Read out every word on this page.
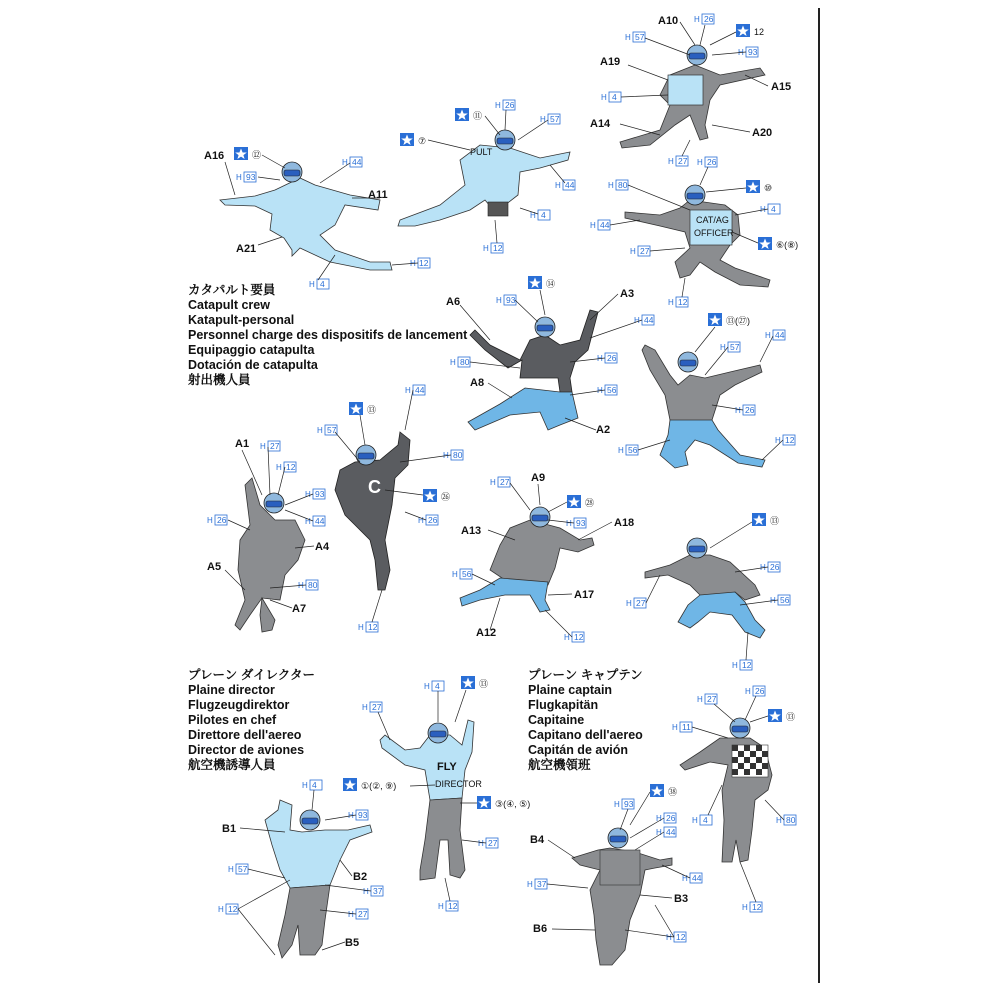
カタパルト要員
Catapult crew
Katapult-personal
Personnel charge des dispositifs de lancement
Equipaggio catapulta
Dotación de catapulta
射出機人員
プレーン ダイレクター
Plaine director
Flugzeugdirektor
Pilotes en chef
Direttore dell'aereo
Director de aviones
航空機誘導人員
プレーン キャプテン
Plaine captain
Flugkapitän
Capitaine
Capitano dell'aereo
Capitán de avión
航空機領班
A16
A11
A21
⑫
H 93
H 44
H 4
H 12
PULT
⑦
⑪
H 26
H 57
H 44
H 4
H 12
A10
A19
A14
A15
A20
H 26
12
H 57
H 93
H 4
H 27
CAT/AG
OFFICER
H 26
H 80	⑩
H 4
H 44
⑥(⑧)
H 27
H 12
A6
A3
A8
A2
⑭
H 93
H 44
H 80	H 26
H 56
⑬(㉗)
H 44
H 57
H 26
H 56
H 12
A1
A4
A5
A7
H 27
H 12
H 93
H 44
H 26
H 80
C
⑬
H 44
H 57
H 80
㉖
H 26
H 12
A9
A13
A18
A17
A12
H 27
㉘
H 93
H 56
H 12
⑬
H 26
H 27	H 56
H 12
B1
B2
B5
H 4
H 93
H 57
H 37
H 12
H 27
FLY
DIRECTOR
H 4	⑬
H 27
①(②, ⑨)
③(④, ⑤)
H 27
H 12
B4
B3
B6
㊳
H 93
H 26
H 44
H 37
H 44
H 12
H 27
H 26
⑬
H 11
H 4	H 80
H 12
